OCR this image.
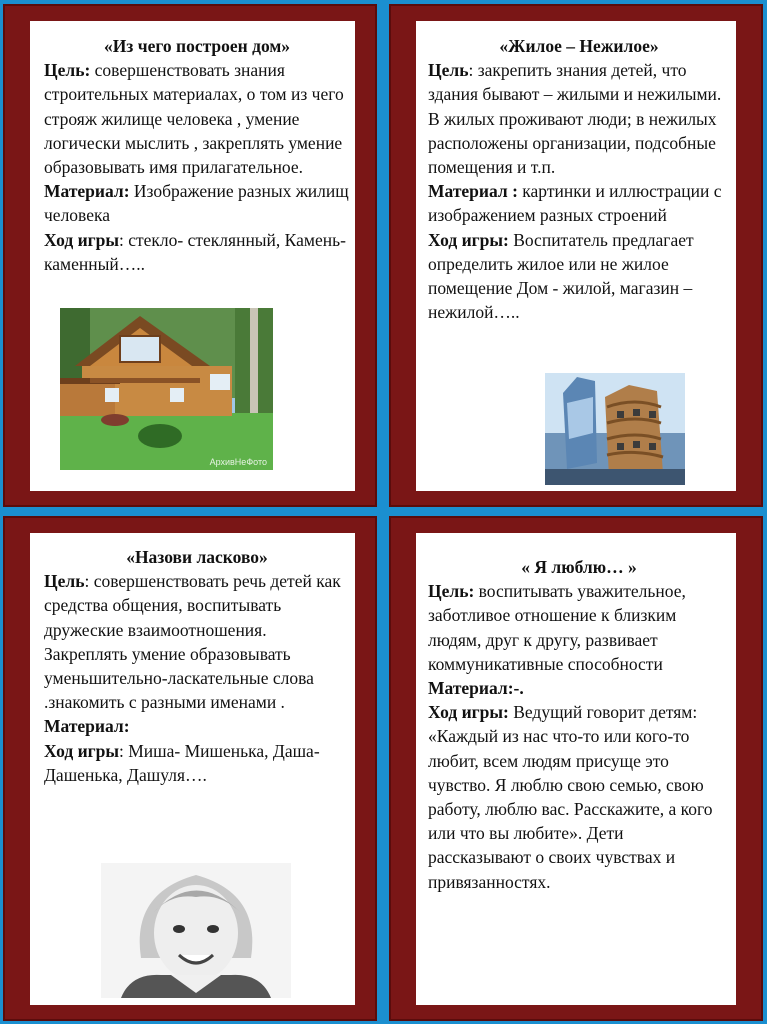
«Из чего построен дом»

Цель: совершенствовать знания строительных материалах, о том из чего строяж жилище человека , умение логически мыслить , закреплять умение образовывать имя прилагательное.

Материал: Изображение разных жилищ человека

Ход игры: стекло- стеклянный, Камень-каменный…..

АрхивНеФото

«Жилое – Нежилое»

Цель: закрепить знания детей, что здания бывают – жилыми и нежилыми. В жилых проживают люди; в нежилых расположены организации, подсобные помещения и т.п.

Материал : картинки и иллюстрации с изображением разных строений

Ход игры: Воспитатель предлагает определить жилое или не жилое помещение Дом - жилой, магазин – нежилой…..

«Назови ласково»

Цель: совершенствовать речь детей как средства общения, воспитывать дружеские взаимоотношения. Закреплять умение образовывать уменьшительно-ласкательные слова .знакомить с разными именами .

Материал:

Ход игры: Миша- Мишенька, Даша- Дашенька, Дашуля….

« Я люблю… »

Цель: воспитывать уважительное, заботливое отношение к близким людям, друг к другу, развивает коммуникативные способности

Материал:-.

Ход игры: Ведущий говорит детям: «Каждый из нас что-то или кого-то любит, всем людям присуще это чувство. Я люблю свою семью, свою работу, люблю вас. Расскажите, а кого или что вы любите». Дети рассказывают о своих чувствах и привязанностях.
